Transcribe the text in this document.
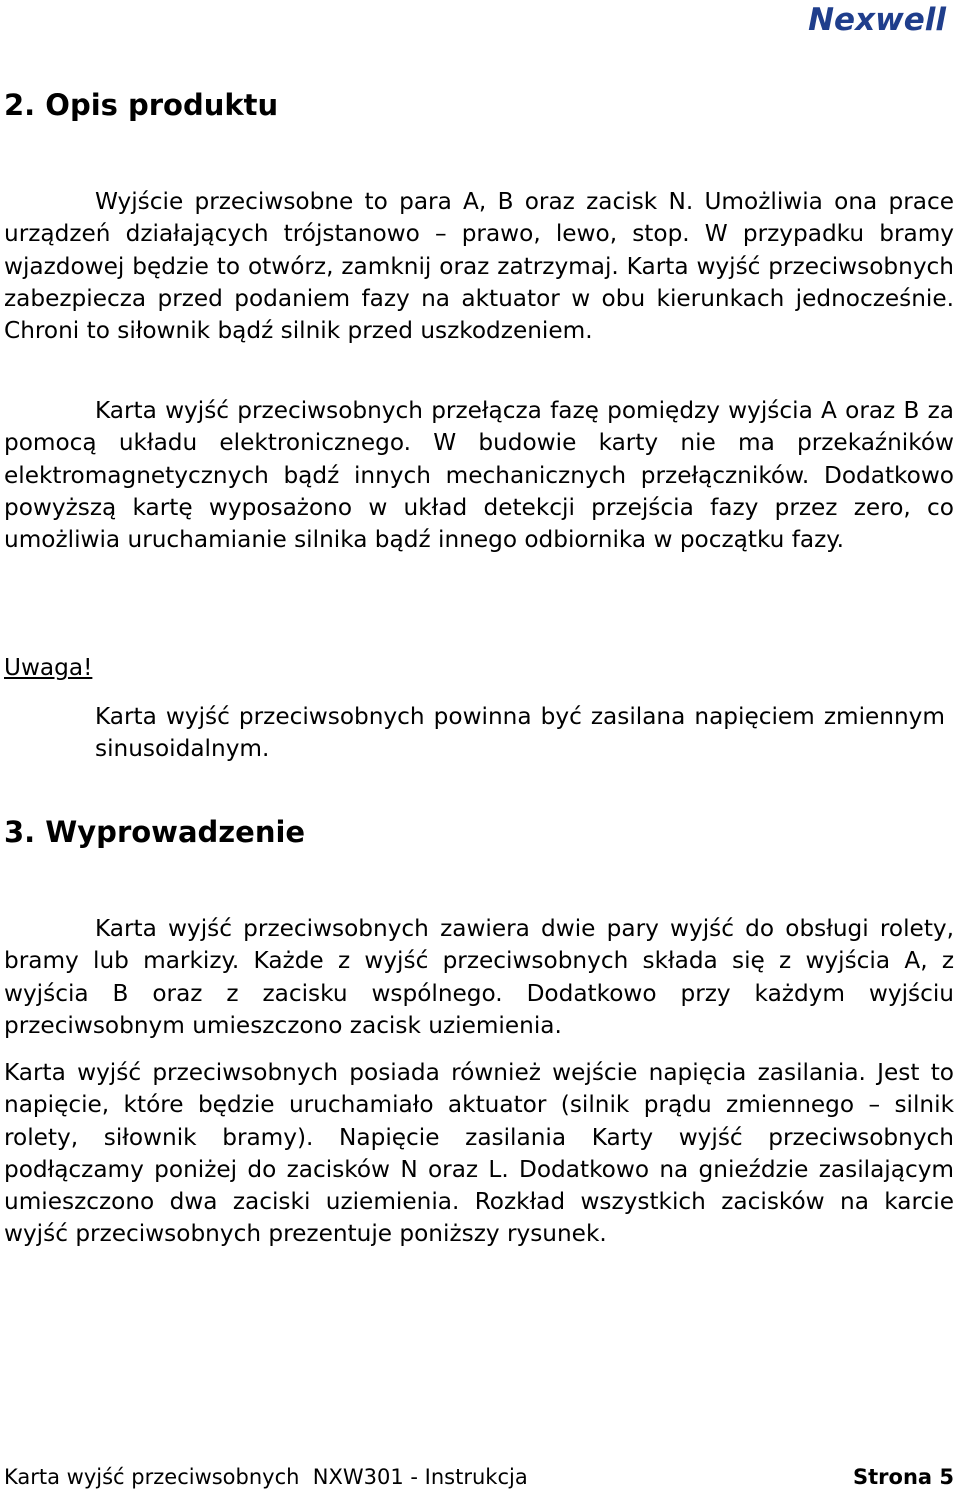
Nexwell
2. Opis produktu
Wyjście przeciwsobne to para A, B oraz zacisk N. Umożliwia ona prace urządzeń działających trójstanowo – prawo, lewo, stop. W przypadku bramy wjazdowej będzie to otwórz, zamknij oraz zatrzymaj. Karta wyjść przeciwsobnych zabezpiecza przed podaniem fazy na aktuator w obu kierunkach jednocześnie. Chroni to siłownik bądź silnik przed uszkodzeniem.
Karta wyjść przeciwsobnych przełącza fazę pomiędzy wyjścia A oraz B za pomocą układu elektronicznego. W budowie karty nie ma przekaźników elektromagnetycznych bądź innych mechanicznych przełączników. Dodatkowo powyższą kartę wyposażono w układ detekcji przejścia fazy przez zero, co umożliwia uruchamianie silnika bądź innego odbiornika w początku fazy.
Uwaga!
Karta wyjść przeciwsobnych powinna być zasilana napięciem zmiennym sinusoidalnym.
3. Wyprowadzenie
Karta wyjść przeciwsobnych zawiera dwie pary wyjść do obsługi rolety, bramy lub markizy. Każde z wyjść przeciwsobnych składa się z wyjścia A, z wyjścia B oraz z zacisku wspólnego. Dodatkowo przy każdym wyjściu przeciwsobnym umieszczono zacisk uziemienia.
Karta wyjść przeciwsobnych posiada również wejście napięcia zasilania. Jest to napięcie, które będzie uruchamiało aktuator (silnik prądu zmiennego – silnik rolety, siłownik bramy). Napięcie zasilania Karty wyjść przeciwsobnych podłączamy poniżej do zacisków N oraz L. Dodatkowo na gnieździe zasilającym umieszczono dwa zaciski uziemienia. Rozkład wszystkich zacisków na karcie wyjść przeciwsobnych prezentuje poniższy rysunek.
Karta wyjść przeciwsobnych  NXW301 - Instrukcja	Strona 5
